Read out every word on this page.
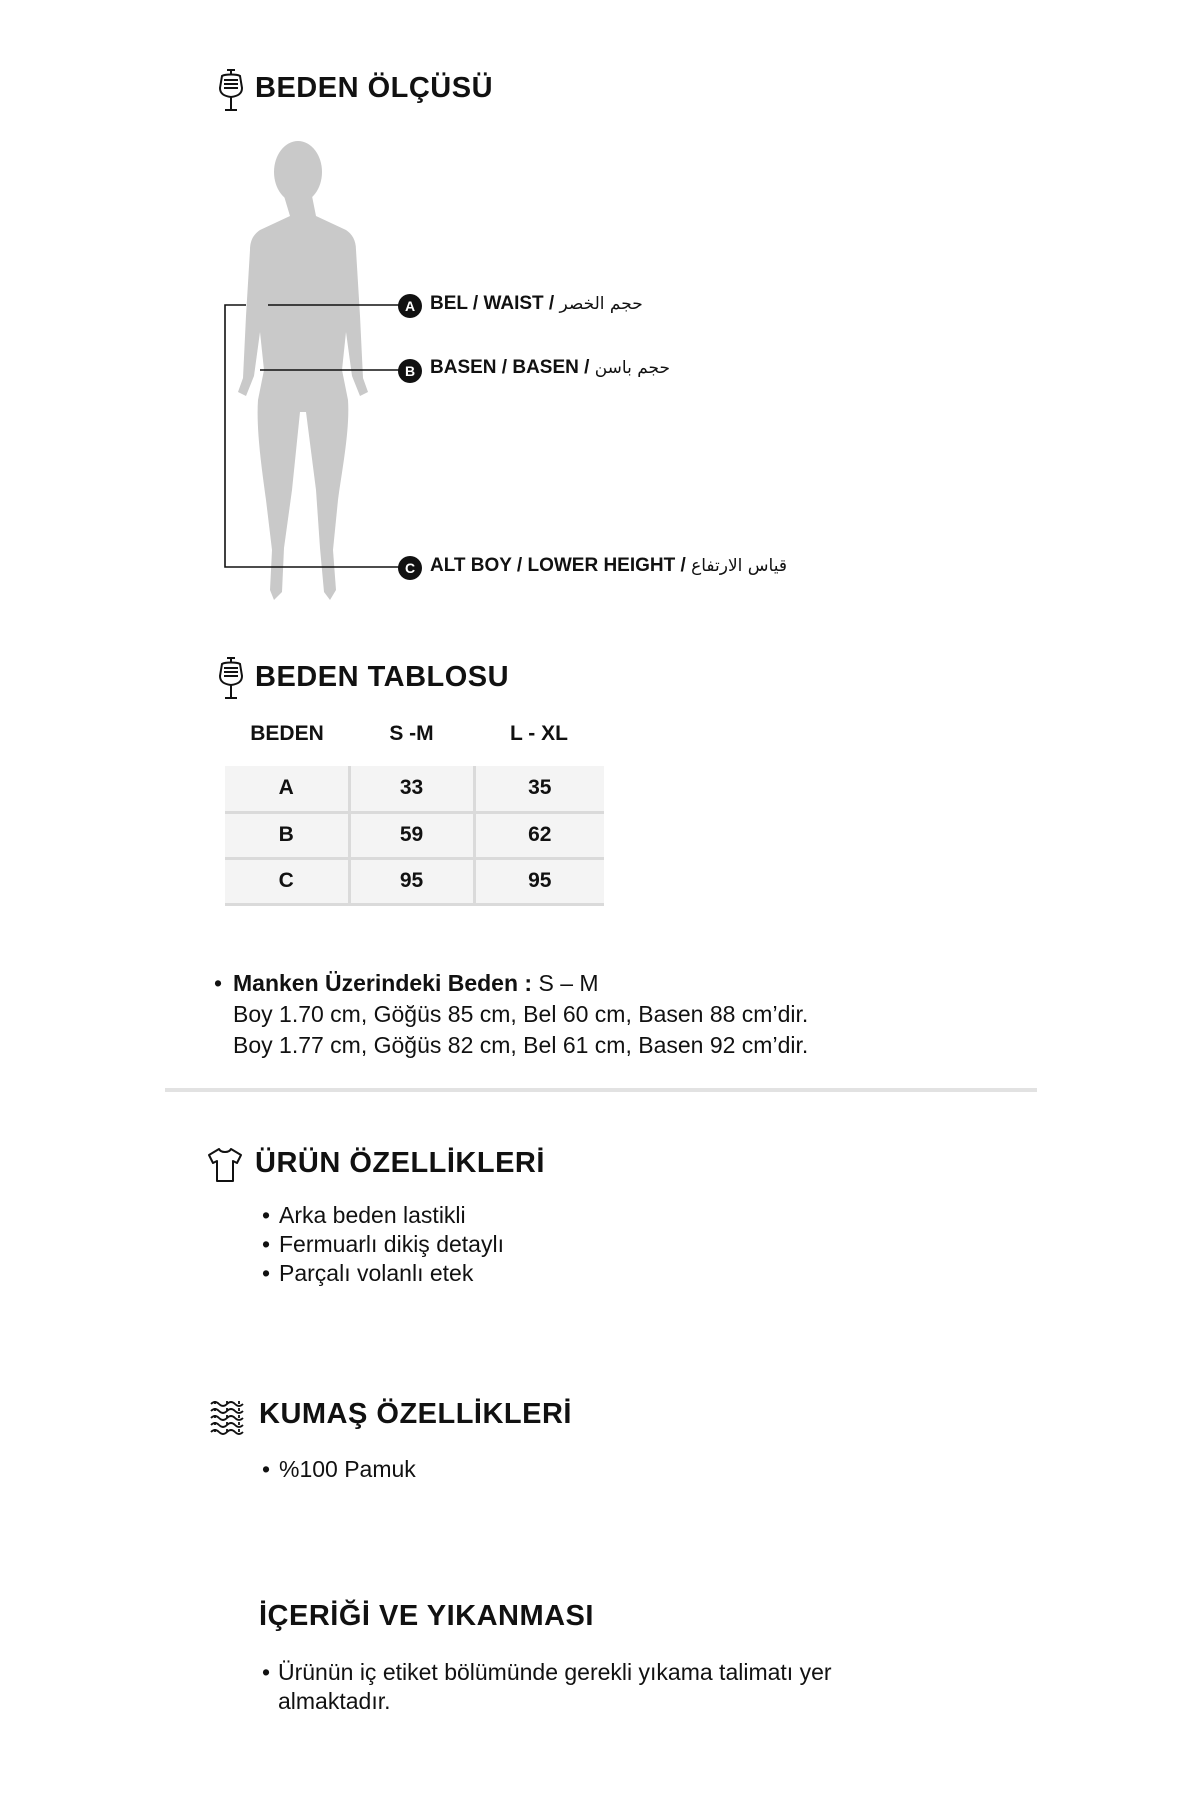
BEDEN ÖLÇÜSÜ
A BEL / WAIST / حجم الخصر
B BASEN / BASEN / حجم باسن
C ALT BOY / LOWER HEIGHT / قياس الارتفاع
BEDEN TABLOSU
BEDEN	S -M	L - XL
A	33	35
B	59	62
C	95	95
• Manken Üzerindeki Beden : S – M
Boy 1.70 cm, Göğüs 85 cm, Bel 60 cm, Basen 88 cm’dir.
Boy 1.77 cm, Göğüs 82 cm, Bel 61 cm, Basen 92 cm’dir.
ÜRÜN ÖZELLİKLERİ
• Arka beden lastikli
• Fermuarlı dikiş detaylı
• Parçalı volanlı etek
KUMAŞ ÖZELLİKLERİ
• %100 Pamuk
İÇERİĞİ VE YIKANMASI
• Ürünün iç etiket bölümünde gerekli yıkama talimatı yer
almaktadır.
